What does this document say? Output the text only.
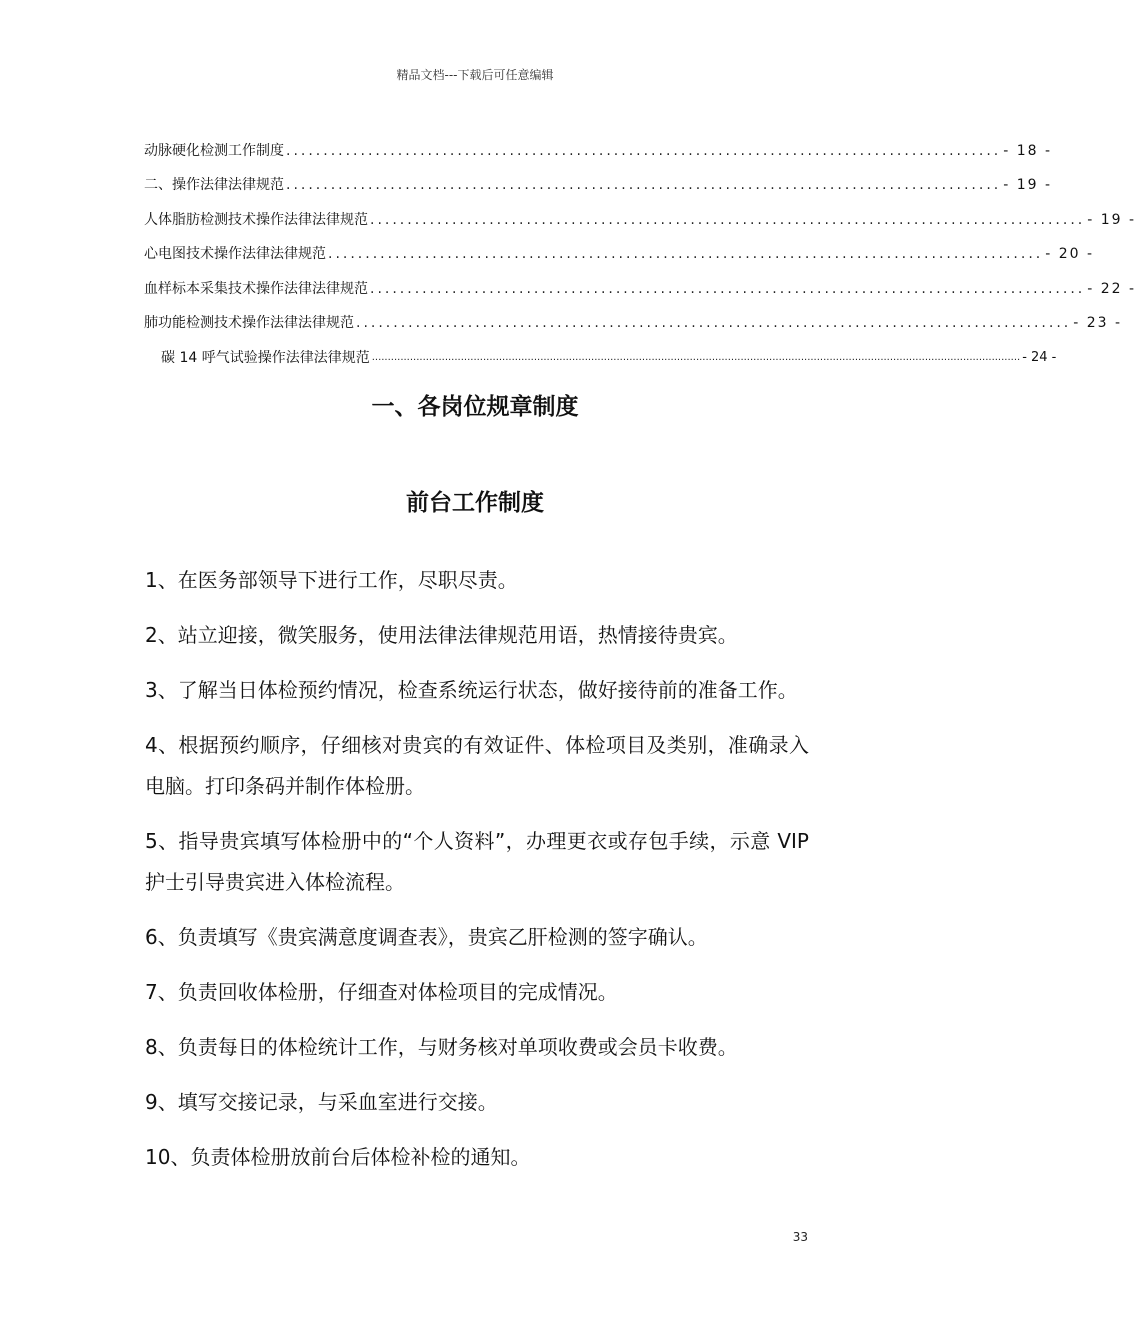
精品文档---下载后可任意编辑
动脉硬化检测工作制度 ................................................................................................ - 18 -
二、操作法律法律规范 ................................................................................................ - 19 -
人体脂肪检测技术操作法律法律规范 ................................................................................................ - 19 -
心电图技术操作法律法律规范 ................................................................................................ - 20 -
血样标本采集技术操作法律法律规范 ................................................................................................ - 22 -
肺功能检测技术操作法律法律规范 ................................................................................................ - 23 -
碳 14 呼气试验操作法律法律规范 ............................................................................................................................................................................................................ - 24 -
一、各岗位规章制度
前台工作制度

1、在医务部领导下进行工作，尽职尽责。

2、站立迎接，微笑服务，使用法律法律规范用语，热情接待贵宾。

3、了解当日体检预约情况，检查系统运行状态，做好接待前的准备工作。

4、根据预约顺序，仔细核对贵宾的有效证件、体检项目及类别，准确录入电脑。打印条码并制作体检册。

5、指导贵宾填写体检册中的“个人资料”，办理更衣或存包手续，示意 VIP 护士引导贵宾进入体检流程。

6、负责填写《贵宾满意度调查表》，贵宾乙肝检测的签字确认。

7、负责回收体检册，仔细查对体检项目的完成情况。

8、负责每日的体检统计工作，与财务核对单项收费或会员卡收费。

9、填写交接记录，与采血室进行交接。

10、负责体检册放前台后体检补检的通知。

33
